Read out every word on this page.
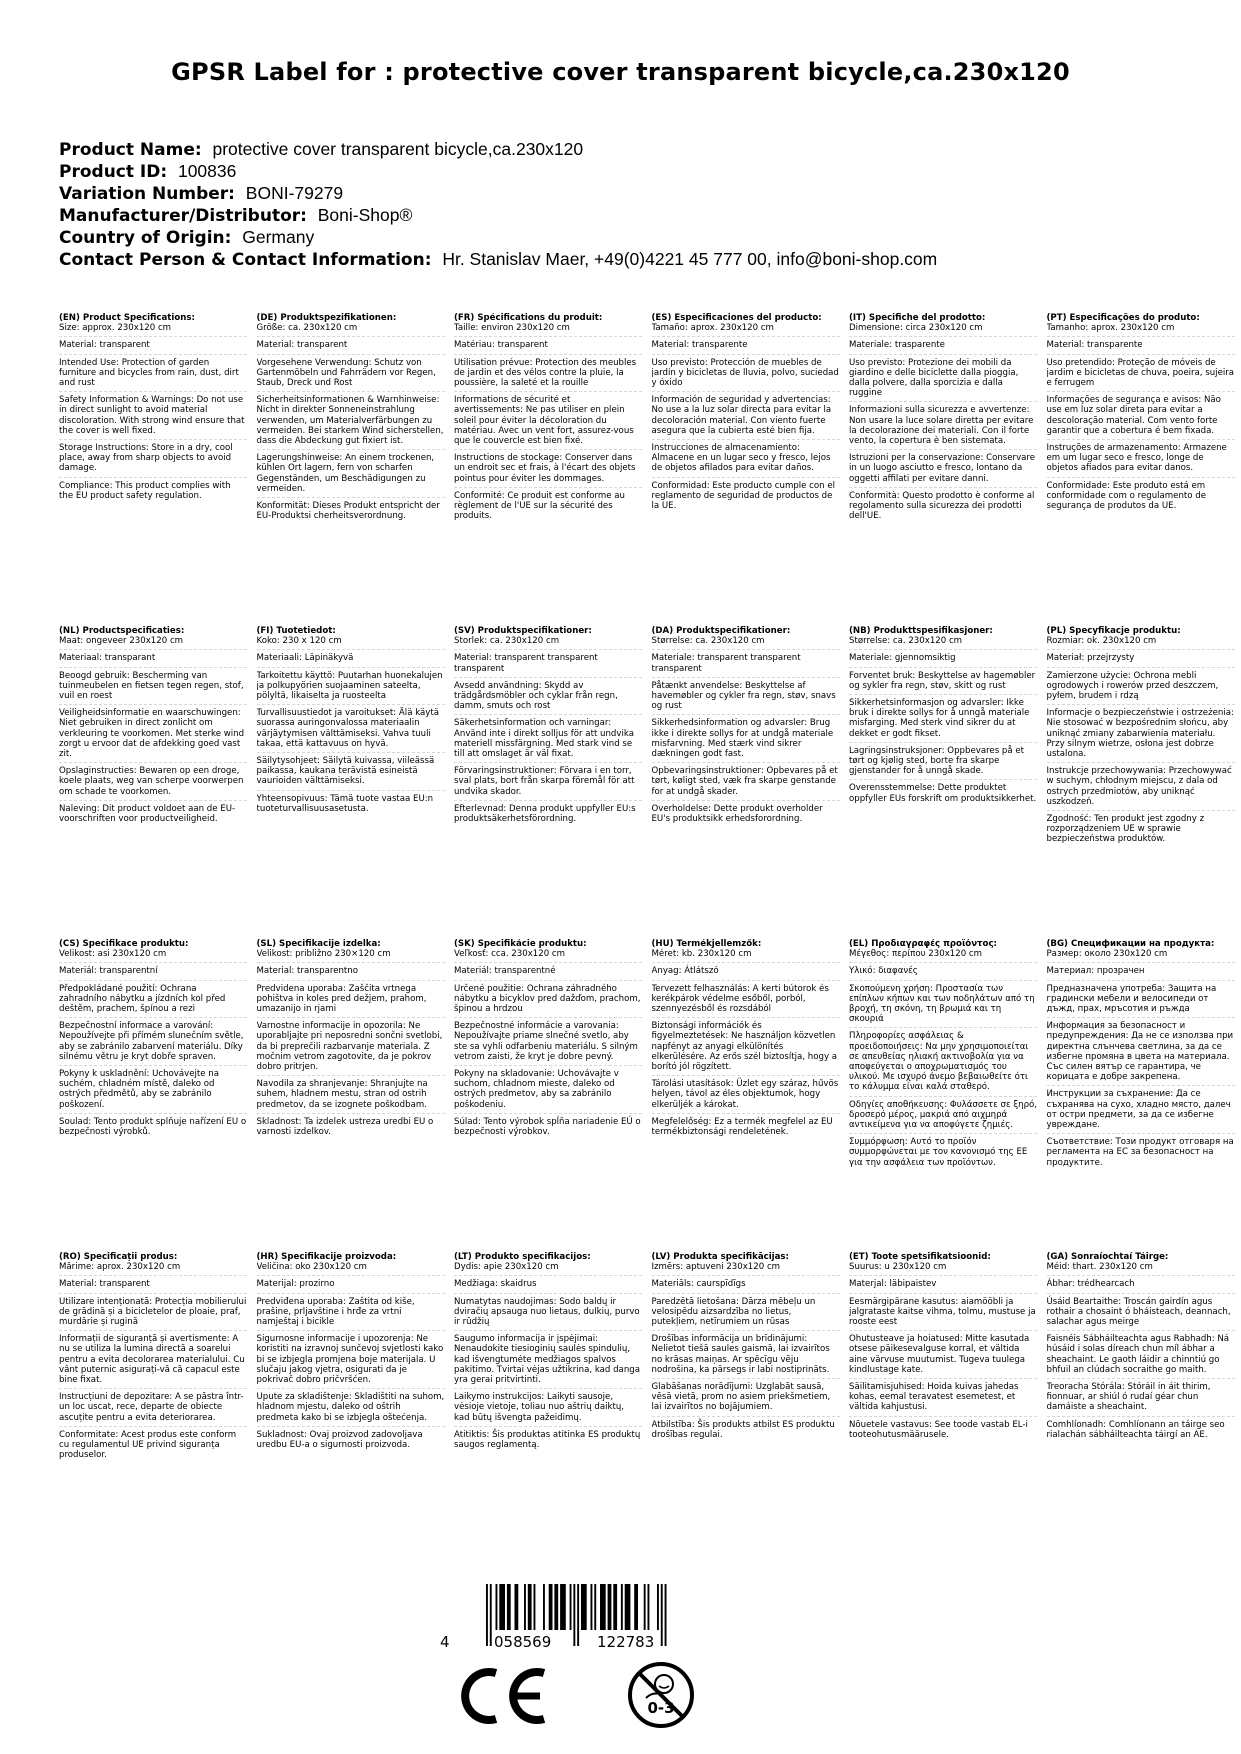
GPSR Label for : protective cover transparent bicycle,ca.230x120
Product Name: protective cover transparent bicycle,ca.230x120
Product ID: 100836
Variation Number: BONI-79279
Manufacturer/Distributor: Boni-Shop®
Country of Origin: Germany
Contact Person & Contact Information: Hr. Stanislav Maer, +49(0)4221 45 777 00, info@boni-shop.com
(EN) Product Specifications:
Size: approx. 230x120 cm
Material: transparent
Intended Use: Protection of garden furniture and bicycles from rain, dust, dirt and rust
Safety Information & Warnings: Do not use in direct sunlight to avoid material discoloration. With strong wind ensure that the cover is well fixed.
Storage Instructions: Store in a dry, cool place, away from sharp objects to avoid damage.
Compliance: This product complies with the EU product safety regulation.
(DE) Produktspezifikationen:
Größe: ca. 230x120 cm
Material: transparent
Vorgesehene Verwendung: Schutz von Gartenmöbeln und Fahrrädern vor Regen, Staub, Dreck und Rost
Sicherheitsinformationen & Warnhinweise: Nicht in direkter Sonneneinstrahlung verwenden, um Materialverfärbungen zu vermeiden. Bei starkem Wind sicherstellen, dass die Abdeckung gut fixiert ist.
Lagerungshinweise: An einem trockenen, kühlen Ort lagern, fern von scharfen Gegenständen, um Beschädigungen zu vermeiden.
Konformität: Dieses Produkt entspricht der EU-Produktsi cherheitsverordnung.
(FR) Spécifications du produit:
Taille: environ 230x120 cm
Matériau: transparent
Utilisation prévue: Protection des meubles de jardin et des vélos contre la pluie, la poussière, la saleté et la rouille
Informations de sécurité et avertissements: Ne pas utiliser en plein soleil pour éviter la décoloration du matériau. Avec un vent fort, assurez-vous que le couvercle est bien fixé.
Instructions de stockage: Conserver dans un endroit sec et frais, à l'écart des objets pointus pour éviter les dommages.
Conformité: Ce produit est conforme au règlement de l'UE sur la sécurité des produits.
(ES) Especificaciones del producto:
Tamaño: aprox. 230x120 cm
Material: transparente
Uso previsto: Protección de muebles de jardín y bicicletas de lluvia, polvo, suciedad y óxido
Información de seguridad y advertencias: No use a la luz solar directa para evitar la decoloración material. Con viento fuerte asegura que la cubierta esté bien fija.
Instrucciones de almacenamiento: Almacene en un lugar seco y fresco, lejos de objetos afilados para evitar daños.
Conformidad: Este producto cumple con el reglamento de seguridad de productos de la UE.
(IT) Specifiche del prodotto:
Dimensione: circa 230x120 cm
Materiale: trasparente
Uso previsto: Protezione dei mobili da giardino e delle biciclette dalla pioggia, dalla polvere, dalla sporcizia e dalla ruggine
Informazioni sulla sicurezza e avvertenze: Non usare la luce solare diretta per evitare la decolorazione dei materiali. Con il forte vento, la copertura è ben sistemata.
Istruzioni per la conservazione: Conservare in un luogo asciutto e fresco, lontano da oggetti affilati per evitare danni.
Conformità: Questo prodotto è conforme al regolamento sulla sicurezza dei prodotti dell'UE.
(PT) Especificações do produto:
Tamanho: aprox. 230x120 cm
Material: transparente
Uso pretendido: Proteção de móveis de jardim e bicicletas de chuva, poeira, sujeira e ferrugem
Informações de segurança e avisos: Não use em luz solar direta para evitar a descoloração material. Com vento forte garantir que a cobertura é bem fixada.
Instruções de armazenamento: Armazene em um lugar seco e fresco, longe de objetos afiados para evitar danos.
Conformidade: Este produto está em conformidade com o regulamento de segurança de produtos da UE.
(NL) Productspecificaties:
Maat: ongeveer 230x120 cm
Materiaal: transparant
Beoogd gebruik: Bescherming van tuinmeubelen en fietsen tegen regen, stof, vuil en roest
Veiligheidsinformatie en waarschuwingen: Niet gebruiken in direct zonlicht om verkleuring te voorkomen. Met sterke wind zorgt u ervoor dat de afdekking goed vast zit.
Opslaginstructies: Bewaren op een droge, koele plaats, weg van scherpe voorwerpen om schade te voorkomen.
Naleving: Dit product voldoet aan de EU-voorschriften voor productveiligheid.
(FI) Tuotetiedot:
Koko: 230 x 120 cm
Materiaali: Läpinäkyvä
Tarkoitettu käyttö: Puutarhan huonekalujen ja polkupyörien suojaaminen sateelta, pölyltä, likaiselta ja ruosteelta
Turvallisuustiedot ja varoitukset: Älä käytä suorassa auringonvalossa materiaalin värjäytymisen välttämiseksi. Vahva tuuli takaa, että kattavuus on hyvä.
Säilytysohjeet: Säilytä kuivassa, viileässä paikassa, kaukana terävistä esineistä vaurioiden välttämiseksi.
Yhteensopivuus: Tämä tuote vastaa EU:n tuoteturvallisuusasetusta.
(SV) Produktspecifikationer:
Storlek: ca. 230x120 cm
Material: transparent transparent transparent
Avsedd användning: Skydd av trädgårdsmöbler och cyklar från regn, damm, smuts och rost
Säkerhetsinformation och varningar: Använd inte i direkt solljus för att undvika materiell missfärgning. Med stark vind se till att omslaget är väl fixat.
Förvaringsinstruktioner: Förvara i en torr, sval plats, bort från skarpa föremål för att undvika skador.
Efterlevnad: Denna produkt uppfyller EU:s produktsäkerhetsförordning.
(DA) Produktspecifikationer:
Størrelse: ca. 230x120 cm
Materiale: transparent transparent transparent
Påtænkt anvendelse: Beskyttelse af havemøbler og cykler fra regn, støv, snavs og rust
Sikkerhedsinformation og advarsler: Brug ikke i direkte sollys for at undgå materiale misfarvning. Med stærk vind sikrer dækningen godt fast.
Opbevaringsinstruktioner: Opbevares på et tørt, køligt sted, væk fra skarpe genstande for at undgå skader.
Overholdelse: Dette produkt overholder EU's produktsikk erhedsforordning.
(NB) Produkttspesifikasjoner:
Størrelse: ca. 230x120 cm
Materiale: gjennomsiktig
Forventet bruk: Beskyttelse av hagemøbler og sykler fra regn, støv, skitt og rust
Sikkerhetsinformasjon og advarsler: Ikke bruk i direkte sollys for å unngå materiale misfarging. Med sterk vind sikrer du at dekket er godt fikset.
Lagringsinstruksjoner: Oppbevares på et tørt og kjølig sted, borte fra skarpe gjenstander for å unngå skade.
Overensstemmelse: Dette produktet oppfyller EUs forskrift om produktsikkerhet.
(PL) Specyfikacje produktu:
Rozmiar: ok. 230x120 cm
Materiał: przejrzysty
Zamierzone użycie: Ochrona mebli ogrodowych i rowerów przed deszczem, pyłem, brudem i rdzą
Informacje o bezpieczeństwie i ostrzeżenia: Nie stosować w bezpośrednim słońcu, aby uniknąć zmiany zabarwienia materiału. Przy silnym wietrze, osłona jest dobrze ustalona.
Instrukcje przechowywania: Przechowywać w suchym, chłodnym miejscu, z dala od ostrych przedmiotów, aby uniknąć uszkodzeń.
Zgodność: Ten produkt jest zgodny z rozporządzeniem UE w sprawie bezpieczeństwa produktów.
(CS) Specifikace produktu:
Velikost: asi 230x120 cm
Materiál: transparentní
Předpokládané použití: Ochrana zahradního nábytku a jízdních kol před deštěm, prachem, špínou a rezi
Bezpečnostní informace a varování: Nepoužívejte při přímém slunečním světle, aby se zabránilo zabarvení materiálu. Díky silnému větru je kryt dobře spraven.
Pokyny k uskladnění: Uchovávejte na suchém, chladném místě, daleko od ostrých předmětů, aby se zabránilo poškození.
Soulad: Tento produkt splňuje nařízení EU o bezpečnosti výrobků.
(SL) Specifikacije izdelka:
Velikost: približno 230×120 cm
Material: transparentno
Predvidena uporaba: Zaščita vrtnega pohištva in koles pred dežjem, prahom, umazanijo in rjami
Varnostne informacije in opozorila: Ne uporabljajte pri neposredni sončni svetlobi, da bi preprečili razbarvanje materiala. Z močnim vetrom zagotovite, da je pokrov dobro pritrjen.
Navodila za shranjevanje: Shranjujte na suhem, hladnem mestu, stran od ostrih predmetov, da se izognete poškodbam.
Skladnost: Ta izdelek ustreza uredbi EU o varnosti izdelkov.
(SK) Špecifikácie produktu:
Veľkosť: cca. 230x120 cm
Materiál: transparentné
Určené použitie: Ochrana záhradného nábytku a bicyklov pred dažďom, prachom, špinou a hrdzou
Bezpečnostné informácie a varovania: Nepoužívajte priame slnečné svetlo, aby ste sa vyhli odfarbeniu materiálu. S silným vetrom zaisti, že kryt je dobre pevný.
Pokyny na skladovanie: Uchovávajte v suchom, chladnom mieste, daleko od ostrých predmetov, aby sa zabránilo poškodeniu.
Súlad: Tento výrobok spĺňa nariadenie EÚ o bezpečnosti výrobkov.
(HU) Termékjellemzők:
Méret: kb. 230x120 cm
Anyag: Átlátszó
Tervezett felhasználás: A kerti bútorok és kerékpárok védelme esőből, porból, szennyezésből és rozsdából
Biztonsági információk és figyelmeztetések: Ne használjon közvetlen napfényt az anyagi elkülönítés elkerülésére. Az erős szél biztosítja, hogy a borító jól rögzített.
Tárolási utasítások: Üzlet egy száraz, hűvös helyen, távol az éles objektumok, hogy elkerüljék a károkat.
Megfelelőség: Ez a termék megfelel az EU termékbiztonsági rendeletének.
(EL) Προδιαγραφές προϊόντος:
Μέγεθος: περίπου 230x120 cm
Υλικό: διαφανές
Σκοπούμενη χρήση: Προστασία των επίπλων κήπων και των ποδηλάτων από τη βροχή, τη σκόνη, τη βρωμιά και τη σκουριά
Πληροφορίες ασφάλειας & προειδοποιήσεις: Να μην χρησιμοποιείται σε απευθείας ηλιακή ακτινοβολία για να αποφεύγεται ο αποχρωματισμός του υλικού. Με ισχυρό άνεμο βεβαιωθείτε ότι το κάλυμμα είναι καλά σταθερό.
Οδηγίες αποθήκευσης: Φυλάσσετε σε ξηρό, δροσερό μέρος, μακριά από αιχμηρά αντικείμενα για να αποφύγετε ζημιές.
Συμμόρφωση: Αυτό το προϊόν συμμορφώνεται με τον κανονισμό της ΕΕ για την ασφάλεια των προϊόντων.
(BG) Спецификации на продукта:
Размер: около 230x120 cm
Материал: прозрачен
Предназначена употреба: Защита на градински мебели и велосипеди от дъжд, прах, мръсотия и ръжда
Информация за безопасност и предупреждения: Да не се използва при директна слънчева светлина, за да се избегне промяна в цвета на материала. Със силен вятър се гарантира, че корицата е добре закрепена.
Инструкции за съхранение: Да се съхранява на сухо, хладно място, далеч от остри предмети, за да се избегне увреждане.
Съответствие: Този продукт отговаря на регламента на ЕС за безопасност на продуктите.
(RO) Specificații produs:
Mărime: aprox. 230x120 cm
Material: transparent
Utilizare intenționată: Protecția mobilierului de grădină și a bicicletelor de ploaie, praf, murdărie și rugină
Informații de siguranță și avertismente: A nu se utiliza la lumina directă a soarelui pentru a evita decolorarea materialului. Cu vânt puternic asigurați-vă că capacul este bine fixat.
Instrucțiuni de depozitare: A se păstra într-un loc uscat, rece, departe de obiecte ascuțite pentru a evita deteriorarea.
Conformitate: Acest produs este conform cu regulamentul UE privind siguranța produselor.
(HR) Specifikacije proizvoda:
Veličina: oko 230x120 cm
Materijal: prozirno
Predviđena uporaba: Zaštita od kiše, prašine, prljavštine i hrđe za vrtni namještaj i bicikle
Sigurnosne informacije i upozorenja: Ne koristiti na izravnoj sunčevoj svjetlosti kako bi se izbjegla promjena boje materijala. U slučaju jakog vjetra, osigurati da je pokrivač dobro pričvršćen.
Upute za skladištenje: Skladištiti na suhom, hladnom mjestu, daleko od oštrih predmeta kako bi se izbjegla oštećenja.
Sukladnost: Ovaj proizvod zadovoljava uredbu EU-a o sigurnosti proizvoda.
(LT) Produkto specifikacijos:
Dydis: apie 230x120 cm
Medžiaga: skaidrus
Numatytas naudojimas: Sodo baldų ir dviračių apsauga nuo lietaus, dulkių, purvo ir rūdžių
Saugumo informacija ir įspėjimai: Nenaudokite tiesioginių saulės spindulių, kad išvengtumėte medžiagos spalvos pakitimo. Tvirtai vėjas užtikrina, kad danga yra gerai pritvirtinti.
Laikymo instrukcijos: Laikyti sausoje, vėsioje vietoje, toliau nuo aštrių daiktų, kad būtų išvengta pažeidimų.
Atitiktis: Šis produktas atitinka ES produktų saugos reglamentą.
(LV) Produkta specifikācijas:
Izmērs: aptuveni 230x120 cm
Materiāls: caurspīdīgs
Paredzētā lietošana: Dārza mēbeļu un velosipēdu aizsardzība no lietus, putekļiem, netīrumiem un rūsas
Drošības informācija un brīdinājumi: Nelietot tiešā saules gaismā, lai izvairītos no krāsas maiņas. Ar spēcīgu vēju nodrošina, ka pārsegs ir labi nostiprināts.
Glabāšanas norādījumi: Uzglabāt sausā, vēsā vietā, prom no asiem priekšmetiem, lai izvairītos no bojājumiem.
Atbilstība: Šis produkts atbilst ES produktu drošības regulai.
(ET) Toote spetsifikatsioonid:
Suurus: u 230x120 cm
Materjal: läbipaistev
Eesmärgipärane kasutus: aiamööbli ja jalgrataste kaitse vihma, tolmu, mustuse ja rooste eest
Ohutusteave ja hoiatused: Mitte kasutada otsese päikesevalguse korral, et vältida aine värvuse muutumist. Tugeva tuulega kindlustage kate.
Säilitamisjuhised: Hoida kuivas jahedas kohas, eemal teravatest esemetest, et vältida kahjustusi.
Nõuetele vastavus: See toode vastab EL-i tooteohutusmäärusele.
(GA) Sonraíochtaí Táirge:
Méid: thart. 230x120 cm
Ábhar: trédhearcach
Úsáid Beartaithe: Troscán gairdín agus rothair a chosaint ó bháisteach, deannach, salachar agus meirge
Faisnéis Sábháilteachta agus Rabhadh: Ná húsáid i solas díreach chun míl ábhar a sheachaint. Le gaoth láidir a chinntiú go bhfuil an clúdach socraithe go maith.
Treoracha Stórála: Stóráil in áit thirim, fionnuar, ar shiúl ó rudaí géar chun damáiste a sheachaint.
Comhlíonadh: Comhlíonann an táirge seo rialachán sábháilteachta táirgí an AE.
4	058569	122783
0-3
